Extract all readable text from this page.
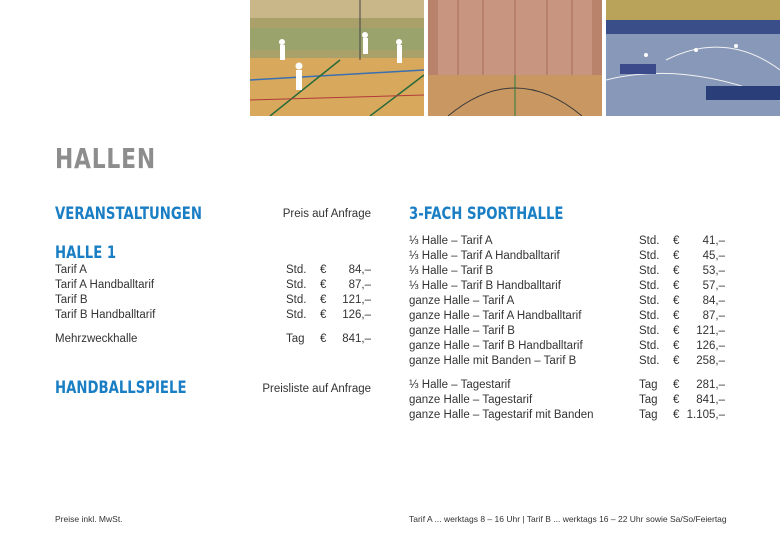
HALLEN
VERANSTALTUNGEN	Preis auf Anfrage
HALLE 1
Tarif A	Std. € 84,–
Tarif A Handballtarif	Std. € 87,–
Tarif B	Std. € 121,–
Tarif B Handballtarif	Std. € 126,–
Mehrzweckhalle	Tag € 841,–
HANDBALLSPIELE	Preisliste auf Anfrage
3-FACH SPORTHALLE
⅓ Halle – Tarif A	Std. € 41,–
⅓ Halle – Tarif A Handballtarif	Std. € 45,–
⅓ Halle – Tarif B	Std. € 53,–
⅓ Halle – Tarif B Handballtarif	Std. € 57,–
ganze Halle – Tarif A	Std. € 84,–
ganze Halle – Tarif A Handballtarif	Std. € 87,–
ganze Halle – Tarif B	Std. € 121,–
ganze Halle – Tarif B Handballtarif	Std. € 126,–
ganze Halle mit Banden – Tarif B	Std. € 258,–
⅓ Halle – Tagestarif	Tag € 281,–
ganze Halle – Tagestarif	Tag € 841,–
ganze Halle – Tagestarif mit Banden	Tag € 1.105,–
Preise inkl. MwSt.	Tarif A ... werktags 8 – 16 Uhr | Tarif B ... werktags 16 – 22 Uhr sowie Sa/So/Feiertag
